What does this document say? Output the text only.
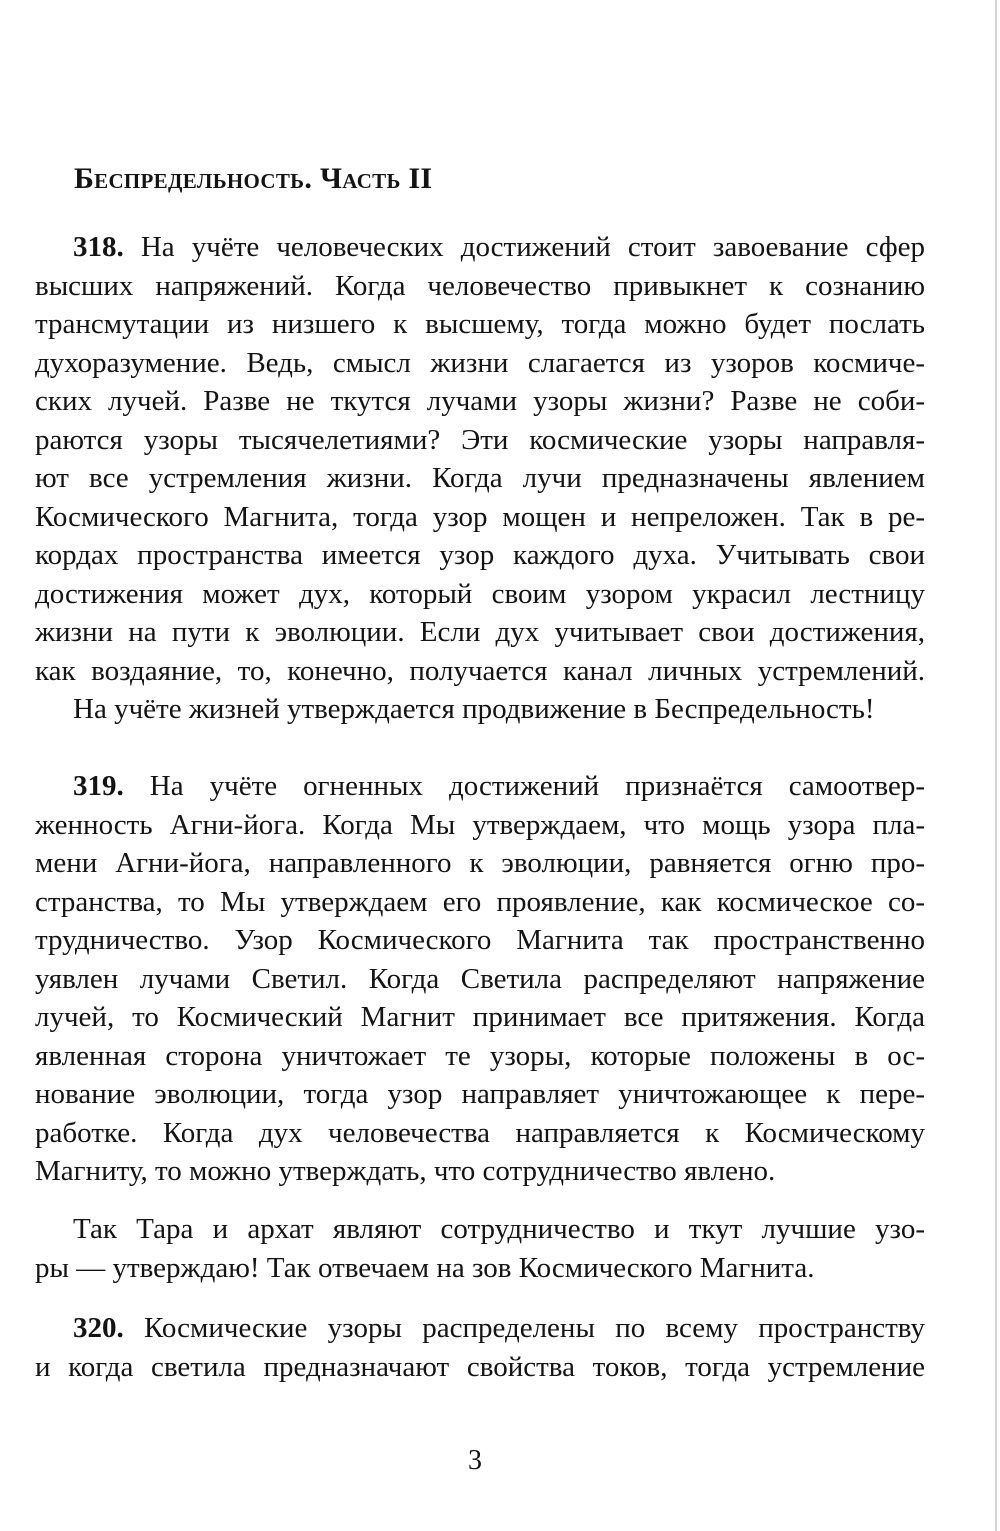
Беспредельность. Часть II
318. На учёте человеческих достижений стоит завоевание сфер
высших напряжений. Когда человечество привыкнет к сознанию
трансмутации из низшего к высшему, тогда можно будет послать
духоразумение. Ведь, смысл жизни слагается из узоров космиче-
ских лучей. Разве не ткутся лучами узоры жизни? Разве не соби-
раются узоры тысячелетиями? Эти космические узоры направля-
ют все устремления жизни. Когда лучи предназначены явлением
Космического Магнита, тогда узор мощен и непреложен. Так в ре-
кордах пространства имеется узор каждого духа. Учитывать свои
достижения может дух, который своим узором украсил лестницу
жизни на пути к эволюции. Если дух учитывает свои достижения,
как воздаяние, то, конечно, получается канал личных устремлений.
На учёте жизней утверждается продвижение в Беспредельность!
319. На учёте огненных достижений признаётся самоотвер-
женность Агни-йога. Когда Мы утверждаем, что мощь узора пла-
мени Агни-йога, направленного к эволюции, равняется огню про-
странства, то Мы утверждаем его проявление, как космическое со-
трудничество. Узор Космического Магнита так пространственно
уявлен лучами Светил. Когда Светила распределяют напряжение
лучей, то Космический Магнит принимает все притяжения. Когда
явленная сторона уничтожает те узоры, которые положены в ос-
нование эволюции, тогда узор направляет уничтожающее к пере-
работке. Когда дух человечества направляется к Космическому
Магниту, то можно утверждать, что сотрудничество явлено.
Так Тара и архат являют сотрудничество и ткут лучшие узо-
ры — утверждаю! Так отвечаем на зов Космического Магнита.
320. Космические узоры распределены по всему пространству
и когда светила предназначают свойства токов, тогда устремление
3
